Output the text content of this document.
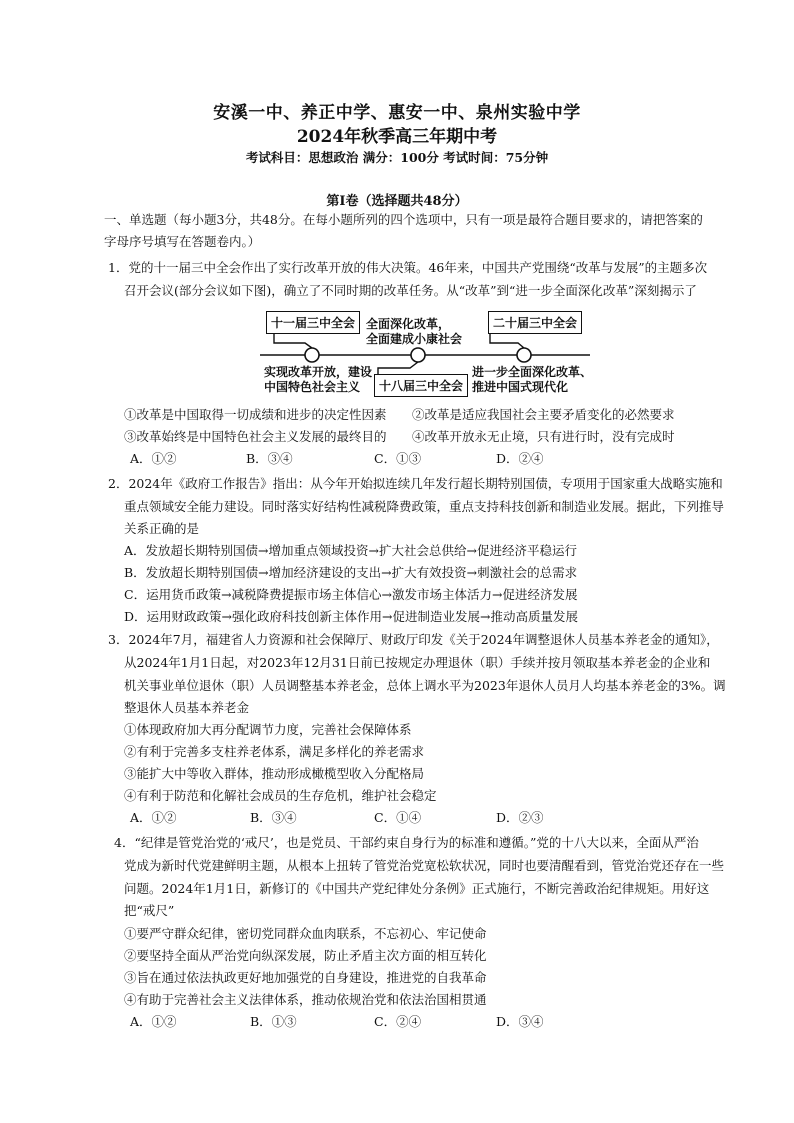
安溪一中、养正中学、惠安一中、泉州实验中学
2024年秋季高三年期中考
考试科目：思想政治 满分：100分 考试时间：75分钟
第Ⅰ卷（选择题共48分）
一、单选题（每小题3分，共48分。在每小题所列的四个选项中，只有一项是最符合题目要求的，请把答案的
字母序号填写在答题卷内。）
1．党的十一届三中全会作出了实行改革开放的伟大决策。46年来，中国共产党围绕“改革与发展”的主题多次
召开会议(部分会议如下图)，确立了不同时期的改革任务。从“改革”到“进一步全面深化改革”深刻揭示了
十一届三中全会
十八届三中全会
二十届三中全会
全面深化改革，
全面建成小康社会
实现改革开放，建设
中国特色社会主义
进一步全面深化改革、
推进中国式现代化
①改革是中国取得一切成绩和进步的决定性因素 ②改革是适应我国社会主要矛盾变化的必然要求
③改革始终是中国特色社会主义发展的最终目的 ④改革开放永无止境，只有进行时，没有完成时
A．①②	B．③④	C．①③	D．②④
2．2024年《政府工作报告》指出：从今年开始拟连续几年发行超长期特别国债，专项用于国家重大战略实施和
重点领域安全能力建设。同时落实好结构性减税降费政策，重点支持科技创新和制造业发展。据此，下列推导
关系正确的是
A．发放超长期特别国债→增加重点领域投资→扩大社会总供给→促进经济平稳运行
B．发放超长期特别国债→增加经济建设的支出→扩大有效投资→刺激社会的总需求
C．运用货币政策→减税降费提振市场主体信心→激发市场主体活力→促进经济发展
D．运用财政政策→强化政府科技创新主体作用→促进制造业发展→推动高质量发展
3．2024年7月，福建省人力资源和社会保障厅、财政厅印发《关于2024年调整退休人员基本养老金的通知》，
从2024年1月1日起，对2023年12月31日前已按规定办理退休（职）手续并按月领取基本养老金的企业和
机关事业单位退休（职）人员调整基本养老金，总体上调水平为2023年退休人员月人均基本养老金的3%。调
整退休人员基本养老金
①体现政府加大再分配调节力度，完善社会保障体系
②有利于完善多支柱养老体系，满足多样化的养老需求
③能扩大中等收入群体，推动形成橄榄型收入分配格局
④有利于防范和化解社会成员的生存危机，维护社会稳定
A．①②	B．③④	C．①④	D．②③
4．“纪律是管党治党的‘戒尺’，也是党员、干部约束自身行为的标准和遵循。”党的十八大以来，全面从严治
党成为新时代党建鲜明主题，从根本上扭转了管党治党宽松软状况，同时也要清醒看到，管党治党还存在一些
问题。2024年1月1日，新修订的《中国共产党纪律处分条例》正式施行，不断完善政治纪律规矩。用好这
把“戒尺”
①要严守群众纪律，密切党同群众血肉联系，不忘初心、牢记使命
②要坚持全面从严治党向纵深发展，防止矛盾主次方面的相互转化
③旨在通过依法执政更好地加强党的自身建设，推进党的自我革命
④有助于完善社会主义法律体系，推动依规治党和依法治国相贯通
A．①②	B．①③	C．②④	D．③④
